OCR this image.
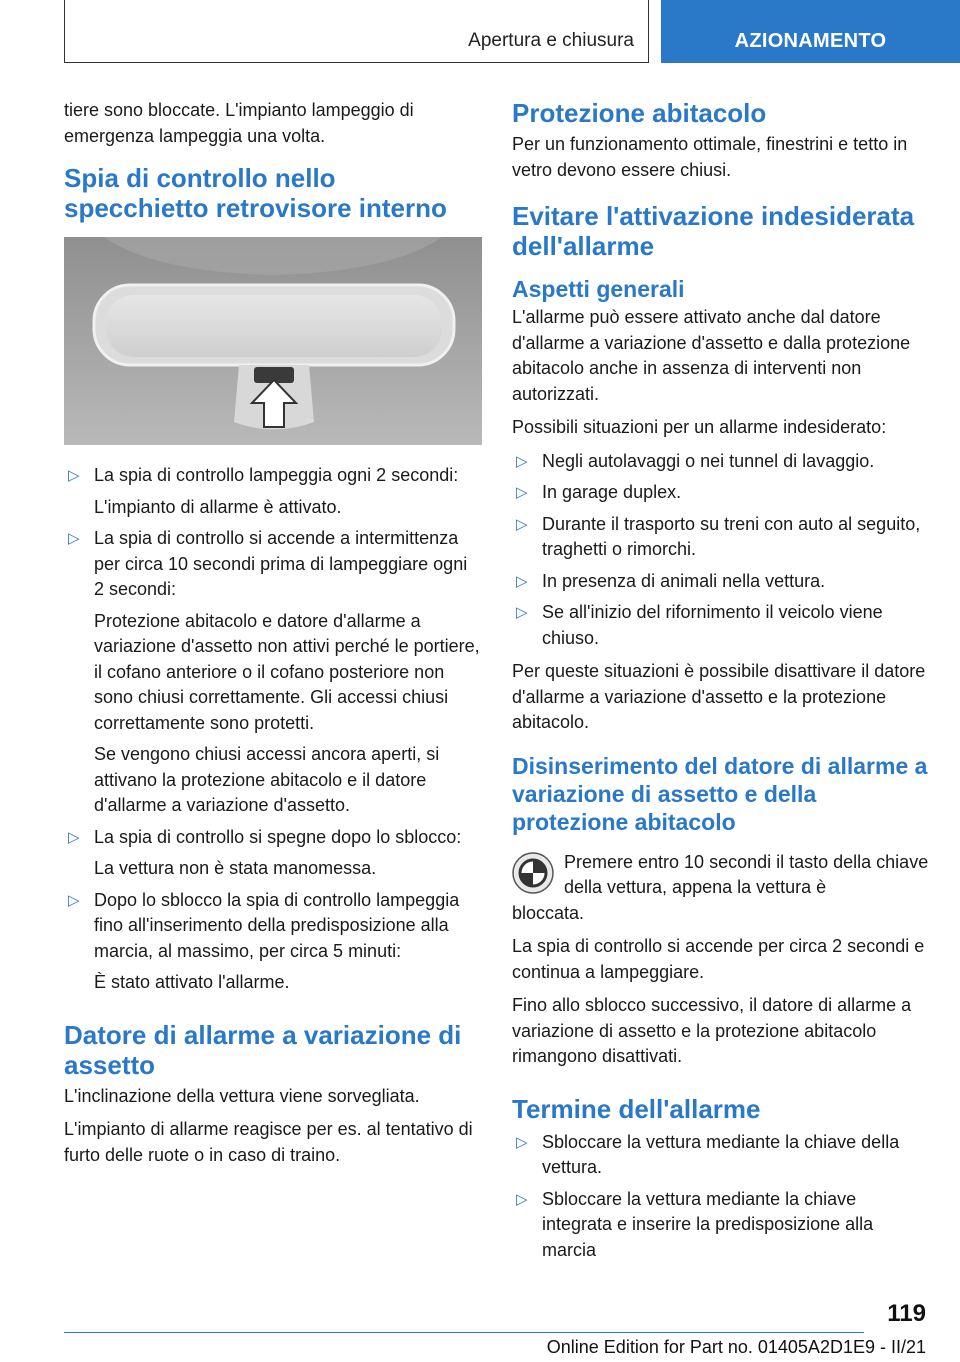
Apertura e chiusura	AZIONAMENTO

tiere sono bloccate. L'impianto lampeggio di emergenza lampeggia una volta.

Spia di controllo nello specchietto retrovisore interno
▷ La spia di controllo lampeggia ogni 2 secondi:

L'impianto di allarme è attivato.

▷ La spia di controllo si accende a intermittenza per circa 10 secondi prima di lampeggiare ogni 2 secondi:

Protezione abitacolo e datore d'allarme a variazione d'assetto non attivi perché le portiere, il cofano anteriore o il cofano posteriore non sono chiusi correttamente. Gli accessi chiusi correttamente sono protetti.

Se vengono chiusi accessi ancora aperti, si attivano la protezione abitacolo e il datore d'allarme a variazione d'assetto.

▷ La spia di controllo si spegne dopo lo sblocco:

La vettura non è stata manomessa.

▷ Dopo lo sblocco la spia di controllo lampeggia fino all'inserimento della predisposizione alla marcia, al massimo, per circa 5 minuti:

È stato attivato l'allarme.

Datore di allarme a variazione di assetto

L'inclinazione della vettura viene sorvegliata.

L'impianto di allarme reagisce per es. al tentativo di furto delle ruote o in caso di traino.

Protezione abitacolo

Per un funzionamento ottimale, finestrini e tetto in vetro devono essere chiusi.

Evitare l'attivazione indesiderata dell'allarme
Aspetti generali

L'allarme può essere attivato anche dal datore d'allarme a variazione d'assetto e dalla protezione abitacolo anche in assenza di interventi non autorizzati.

Possibili situazioni per un allarme indesiderato:

▷ Negli autolavaggi o nei tunnel di lavaggio.

▷ In garage duplex.

▷ Durante il trasporto su treni con auto al seguito, traghetti o rimorchi.

▷ In presenza di animali nella vettura.

▷ Se all'inizio del rifornimento il veicolo viene chiuso.

Per queste situazioni è possibile disattivare il datore d'allarme a variazione d'assetto e la protezione abitacolo.

Disinserimento del datore di allarme a variazione di assetto e della protezione abitacolo

Premere entro 10 secondi il tasto della chiave della vettura, appena la vettura è

bloccata.

La spia di controllo si accende per circa 2 secondi e continua a lampeggiare.

Fino allo sblocco successivo, il datore di allarme a variazione di assetto e la protezione abitacolo rimangono disattivati.

Termine dell'allarme
▷ Sbloccare la vettura mediante la chiave della vettura.

▷ Sbloccare la vettura mediante la chiave integrata e inserire la predisposizione alla marcia

119
Online Edition for Part no. 01405A2D1E9 - II/21
